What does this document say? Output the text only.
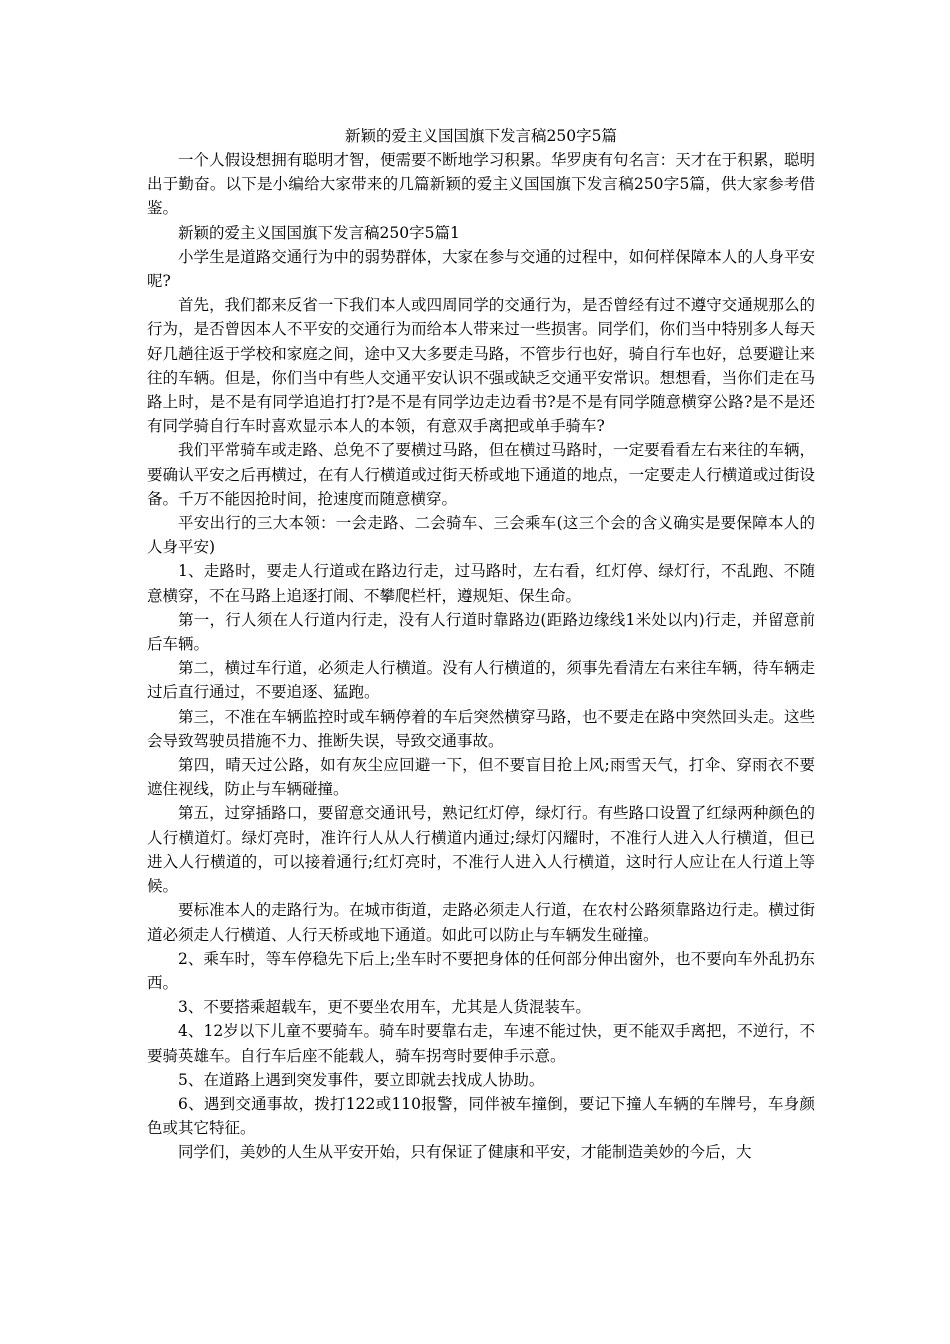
新颖的爱主义国国旗下发言稿250字5篇

一个人假设想拥有聪明才智，便需要不断地学习积累。华罗庚有句名言：天才在于积累，聪明出于勤奋。以下是小编给大家带来的几篇新颖的爱主义国国旗下发言稿250字5篇，供大家参考借鉴。

新颖的爱主义国国旗下发言稿250字5篇1

小学生是道路交通行为中的弱势群体，大家在参与交通的过程中，如何样保障本人的人身平安呢?

首先，我们都来反省一下我们本人或四周同学的交通行为，是否曾经有过不遵守交通规那么的行为，是否曾因本人不平安的交通行为而给本人带来过一些损害。同学们，你们当中特别多人每天好几趟往返于学校和家庭之间，途中又大多要走马路，不管步行也好，骑自行车也好，总要避让来往的车辆。但是，你们当中有些人交通平安认识不强或缺乏交通平安常识。想想看，当你们走在马路上时，是不是有同学追追打打?是不是有同学边走边看书?是不是有同学随意横穿公路?是不是还有同学骑自行车时喜欢显示本人的本领，有意双手离把或单手骑车?

我们平常骑车或走路、总免不了要横过马路，但在横过马路时，一定要看看左右来往的车辆，要确认平安之后再横过，在有人行横道或过街天桥或地下通道的地点，一定要走人行横道或过街设备。千万不能因抢时间，抢速度而随意横穿。

平安出行的三大本领：一会走路、二会骑车、三会乘车(这三个会的含义确实是要保障本人的人身平安)

1、走路时，要走人行道或在路边行走，过马路时，左右看，红灯停、绿灯行，不乱跑、不随意横穿，不在马路上追逐打闹、不攀爬栏杆，遵规矩、保生命。

第一，行人须在人行道内行走，没有人行道时靠路边(距路边缘线1米处以内)行走，并留意前后车辆。

第二，横过车行道，必须走人行横道。没有人行横道的，须事先看清左右来往车辆，待车辆走过后直行通过，不要追逐、猛跑。

第三，不准在车辆监控时或车辆停着的车后突然横穿马路，也不要走在路中突然回头走。这些会导致驾驶员措施不力、推断失误，导致交通事故。

第四，晴天过公路，如有灰尘应回避一下，但不要盲目抢上风;雨雪天气，打伞、穿雨衣不要遮住视线，防止与车辆碰撞。

第五，过穿插路口，要留意交通讯号，熟记红灯停，绿灯行。有些路口设置了红绿两种颜色的人行横道灯。绿灯亮时，准许行人从人行横道内通过;绿灯闪耀时，不准行人进入人行横道，但已进入人行横道的，可以接着通行;红灯亮时，不准行人进入人行横道，这时行人应让在人行道上等候。

要标准本人的走路行为。在城市街道，走路必须走人行道，在农村公路须靠路边行走。横过街道必须走人行横道、人行天桥或地下通道。如此可以防止与车辆发生碰撞。

2、乘车时，等车停稳先下后上;坐车时不要把身体的任何部分伸出窗外，也不要向车外乱扔东西。

3、不要搭乘超载车，更不要坐农用车，尤其是人货混装车。

4、12岁以下儿童不要骑车。骑车时要靠右走，车速不能过快，更不能双手离把，不逆行，不要骑英雄车。自行车后座不能载人，骑车拐弯时要伸手示意。

5、在道路上遇到突发事件，要立即就去找成人协助。

6、遇到交通事故，拨打122或110报警，同伴被车撞倒，要记下撞人车辆的车牌号，车身颜色或其它特征。

同学们，美妙的人生从平安开始，只有保证了健康和平安，才能制造美妙的今后，大
